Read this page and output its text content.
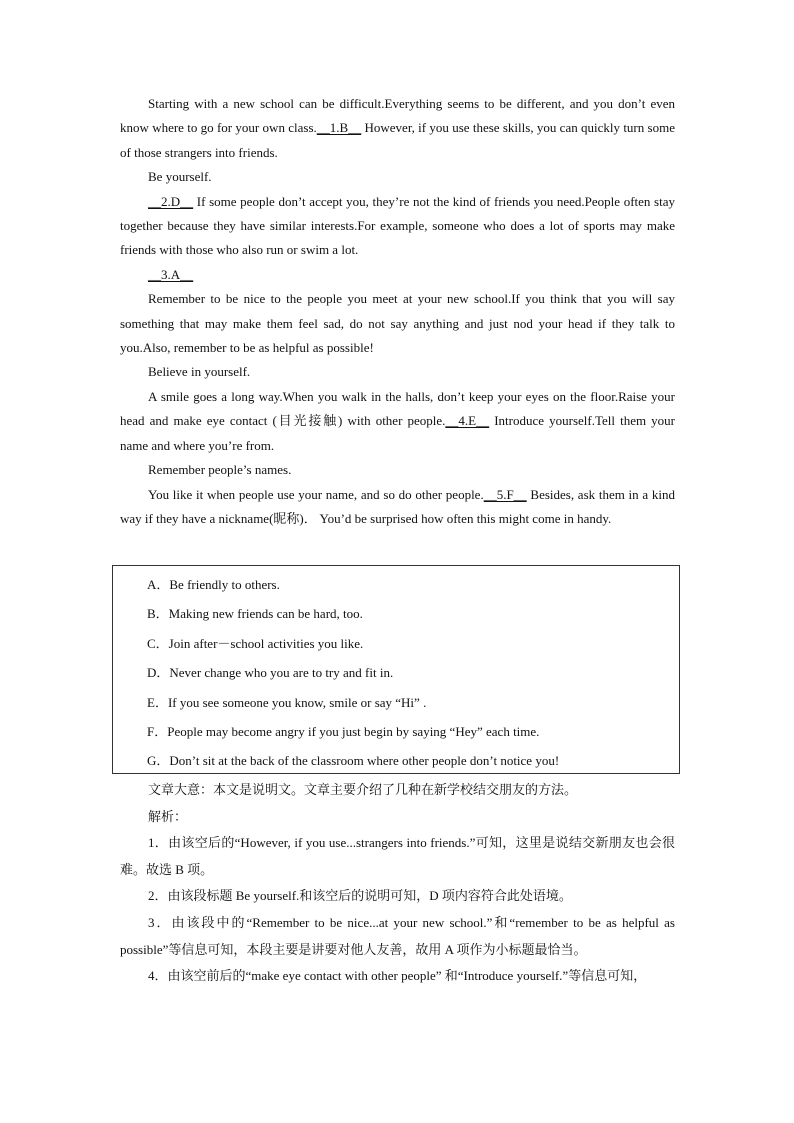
Starting with a new school can be difficult.Everything seems to be different, and you don’t even know where to go for your own class.__1.B__ However, if you use these skills, you can quickly turn some of those strangers into friends.

Be yourself.

__2.D__ If some people don’t accept you, they’re not the kind of friends you need.People often stay together because they have similar interests.For example, someone who does a lot of sports may make friends with those who also run or swim a lot.

__3.A__

Remember to be nice to the people you meet at your new school.If you think that you will say something that may make them feel sad, do not say anything and just nod your head if they talk to you.Also, remember to be as helpful as possible!

Believe in yourself.

A smile goes a long way.When you walk in the halls, don’t keep your eyes on the floor.Raise your head and make eye contact (目光接触) with other people.__4.E__ Introduce yourself.Tell them your name and where you’re from.

Remember people’s names.

You like it when people use your name, and so do other people.__5.F__ Besides, ask them in a kind way if they have a nickname(昵称)． You’d be surprised how often this might come in handy.

A．Be friendly to others.
B．Making new friends can be hard, too.
C．Join after－school activities you like.
D．Never change who you are to try and fit in.
E．If you see someone you know, smile or say “Hi” .
F．People may become angry if you just begin by saying “Hey” each time.
G．Don’t sit at the back of the classroom where other people don’t notice you!

文章大意：本文是说明文。文章主要介绍了几种在新学校结交朋友的方法。

解析：

1．由该空后的“However, if you use...strangers into friends.”可知，这里是说结交新朋友也会很难。故选 B 项。

2．由该段标题 Be yourself.和该空后的说明可知，D 项内容符合此处语境。

3．由该段中的“Remember to be nice...at your new school.”和“remember to be as helpful as possible”等信息可知，本段主要是讲要对他人友善，故用 A 项作为小标题最恰当。

4．由该空前后的“make eye contact with other people” 和“Introduce yourself.”等信息可知，
